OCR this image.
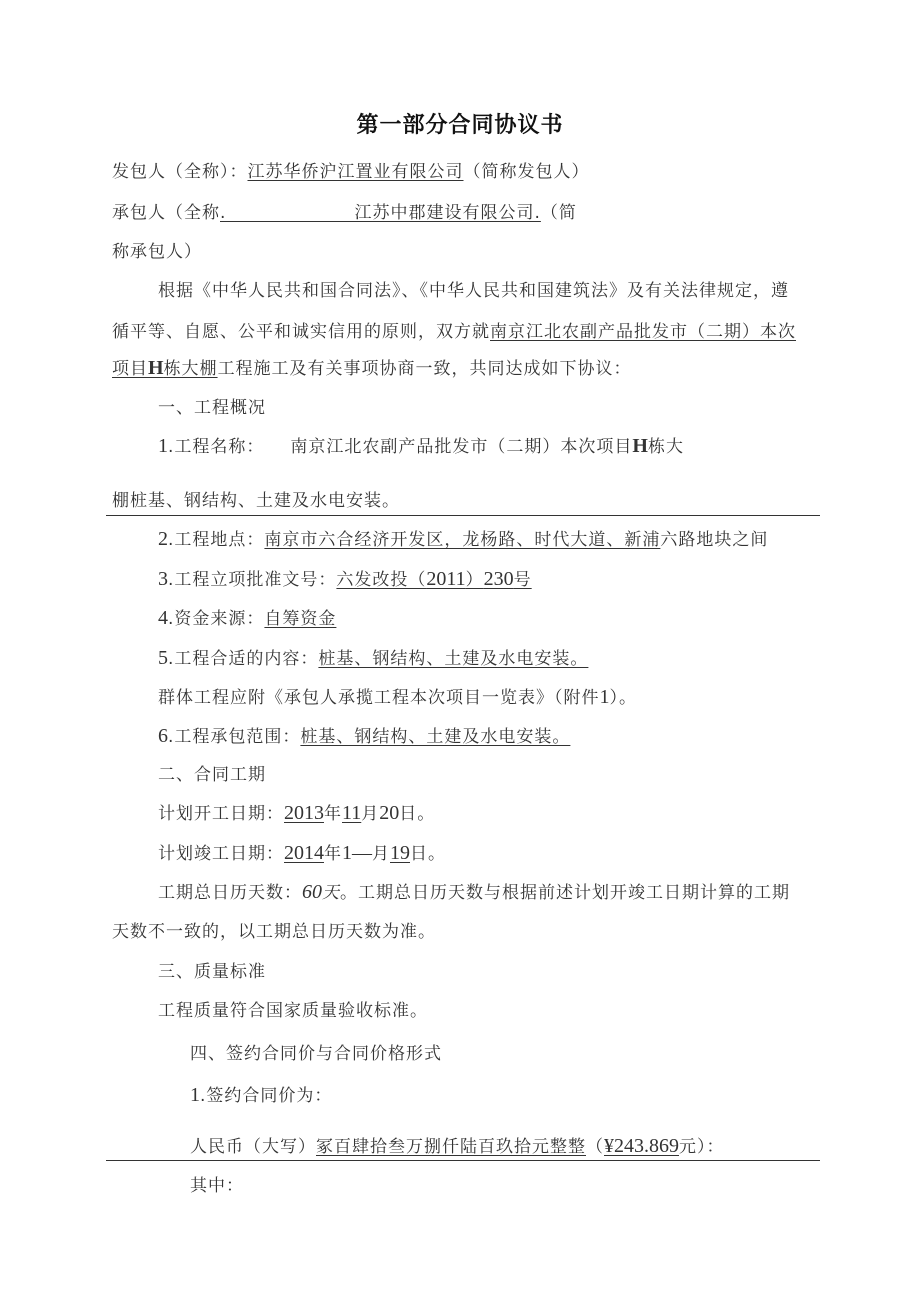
第一部分合同协议书
发包人（全称）：江苏华侨沪江置业有限公司（简称发包人）
承包人（全称.                    江苏中郡建设有限公司.（简
称承包人）
根据《中华人民共和国合同法》、《中华人民共和国建筑法》及有关法律规定，遵
循平等、自愿、公平和诚实信用的原则，双方就南京江北农副产品批发市（二期）本次
项目H栋大棚工程施工及有关事项协商一致，共同达成如下协议：
一、工程概况
1.工程名称： 南京江北农副产品批发市（二期）本次项目H栋大
棚桩基、钢结构、土建及水电安装。
2.工程地点：南京市六合经济开发区，龙杨路、时代大道、新浦六路地块之间
3.工程立项批准文号：六发改投（2011）230号
4.资金来源：自筹资金
5.工程合适的内容：桩基、钢结构、土建及水电安装。
群体工程应附《承包人承揽工程本次项目一览表》（附件1）。
6.工程承包范围：桩基、钢结构、土建及水电安装。
二、合同工期
计划开工日期：2013年11月20日。
计划竣工日期：2014年1—月19日。
工期总日历天数：60天。工期总日历天数与根据前述计划开竣工日期计算的工期
天数不一致的，以工期总日历天数为准。
三、质量标准
工程质量符合国家质量验收标准。
四、签约合同价与合同价格形式
1.签约合同价为：
人民币（大写）冢百肆拾叁万捌仟陆百玖拾元整整（¥243.869元）：
其中：
